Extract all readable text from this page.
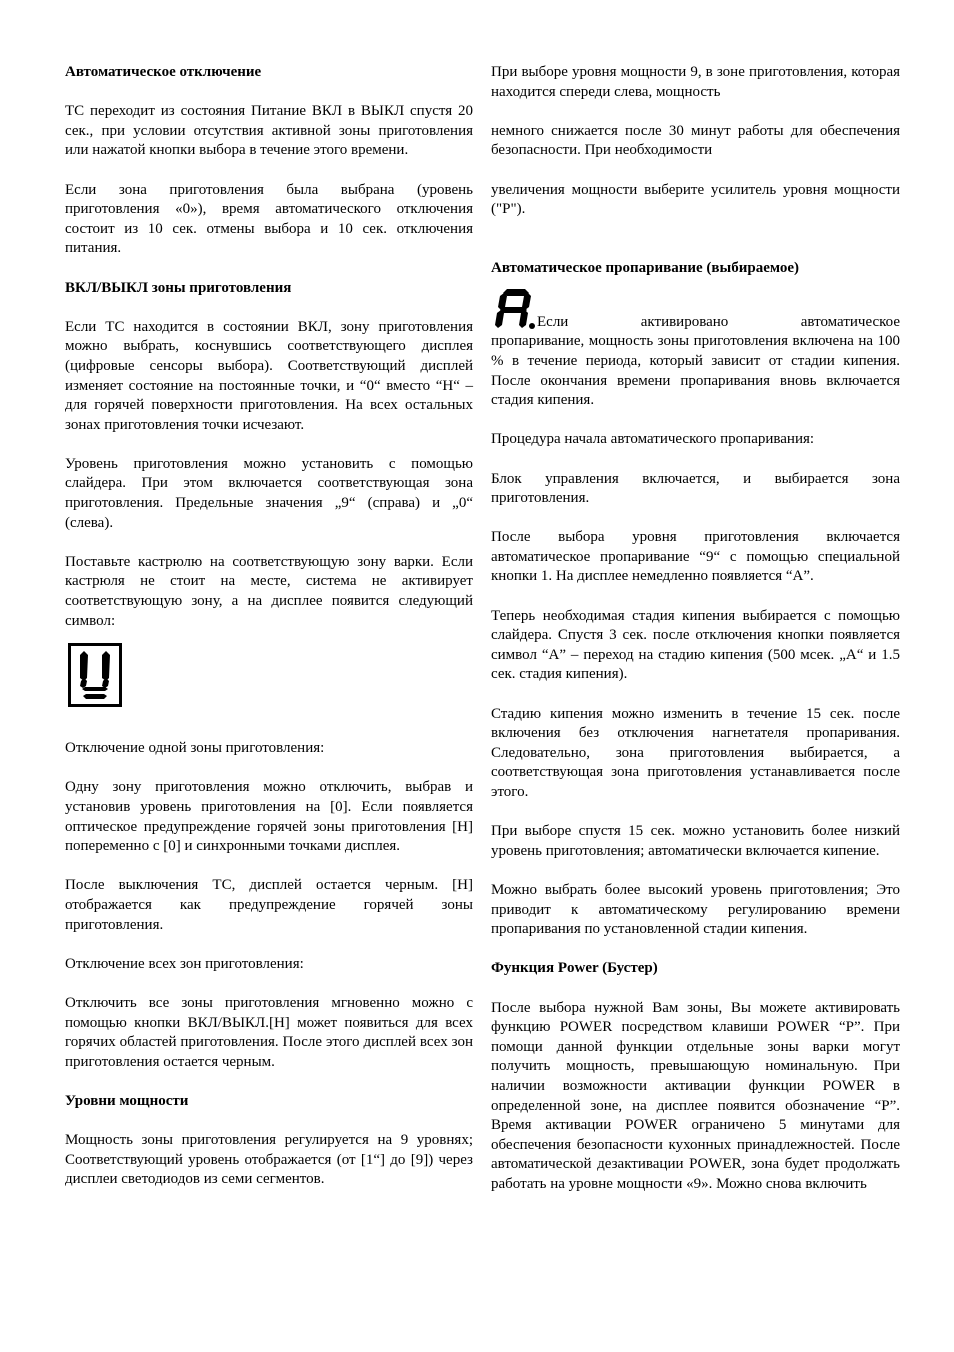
Автоматическое отключение

ТС переходит из состояния Питание ВКЛ в ВЫКЛ спустя 20 сек., при условии отсутствия активной зоны приготовления или нажатой кнопки выбора в течение этого времени.

Если зона приготовления была выбрана (уровень приготовления «0»), время автоматического отключения состоит из 10 сек. отмены выбора и 10 сек. отключения питания.

ВКЛ/ВЫКЛ зоны приготовления

Если ТС находится в состоянии ВКЛ, зону приготовления можно выбрать, коснувшись соответствующего дисплея (цифровые сенсоры выбора). Соответствующий дисплей изменяет состояние на постоянные точки, и “0“ вместо “H“ – для горячей поверхности приготовления. На всех остальных зонах приготовления точки исчезают.

Уровень приготовления можно установить с помощью слайдера. При этом включается соответствующая зона приготовления. Предельные значения „9“ (справа) и „0“ (слева).

Поставьте кастрюлю на соответствующую зону варки. Если кастрюля не стоит на месте, система не активирует соответствующую зону, а на дисплее появится следующий символ:

Отключение одной зоны приготовления:

Одну зону приготовления можно отключить, выбрав и установив уровень приготовления на [0]. Если появляется оптическое предупреждение горячей зоны приготовления [H] попеременно с [0] и синхронными точками дисплея.

После выключения ТС, дисплей остается черным. [H] отображается как предупреждение горячей зоны приготовления.

Отключение всех зон приготовления:

Отключить все зоны приготовления мгновенно можно с помощью кнопки ВКЛ/ВЫКЛ.[H] может появиться для всех горячих областей приготовления. После этого дисплей всех зон приготовления остается черным.

Уровни мощности

Мощность зоны приготовления регулируется на 9 уровнях; Соответствующий уровень отображается (от [1“] до [9]) через дисплеи светодиодов из семи сегментов.

При выборе уровня мощности 9, в зоне приготовления, которая находится спереди слева, мощность

немного снижается после 30 минут работы для обеспечения безопасности. При необходимости

увеличения мощности выберите усилитель уровня мощности ("P").

Автоматическое пропаривание (выбираемое)

Если активировано автоматическое

пропаривание, мощность зоны приготовления включена на 100 % в течение периода, который зависит от стадии кипения. После окончания времени пропаривания вновь включается стадия кипения.

Процедура начала автоматического пропаривания:

Блок управления включается, и выбирается зона приготовления.

После выбора уровня приготовления включается автоматическое пропаривание “9“ с помощью специальной кнопки 1. На дисплее немедленно появляется “A”.

Теперь необходимая стадия кипения выбирается с помощью слайдера. Спустя 3 сек. после отключения кнопки появляется символ “A” – переход на стадию кипения (500 мсек. „A“ и 1.5 сек. стадия кипения).

Стадию кипения можно изменить в течение 15 сек. после включения без отключения нагнетателя пропаривания. Следовательно, зона приготовления выбирается, а соответствующая зона приготовления устанавливается после этого.

При выборе спустя 15 сек. можно установить более низкий уровень приготовления; автоматически включается кипение.

Можно выбрать более высокий уровень приготовления; Это приводит к автоматическому регулированию времени пропаривания по установленной стадии кипения.

Функция Power (Бустер)

После выбора нужной Вам зоны, Вы можете активировать функцию POWER посредством клавиши POWER “P”. При помощи данной функции отдельные зоны варки могут получить мощность, превышающую номинальную. При наличии возможности активации функции POWER в определенной зоне, на дисплее появится обозначение “P”. Время активации POWER ограничено 5 минутами для обеспечения безопасности кухонных принадлежностей. После автоматической дезактивации POWER, зона будет продолжать работать на уровне мощности «9». Можно снова включить
